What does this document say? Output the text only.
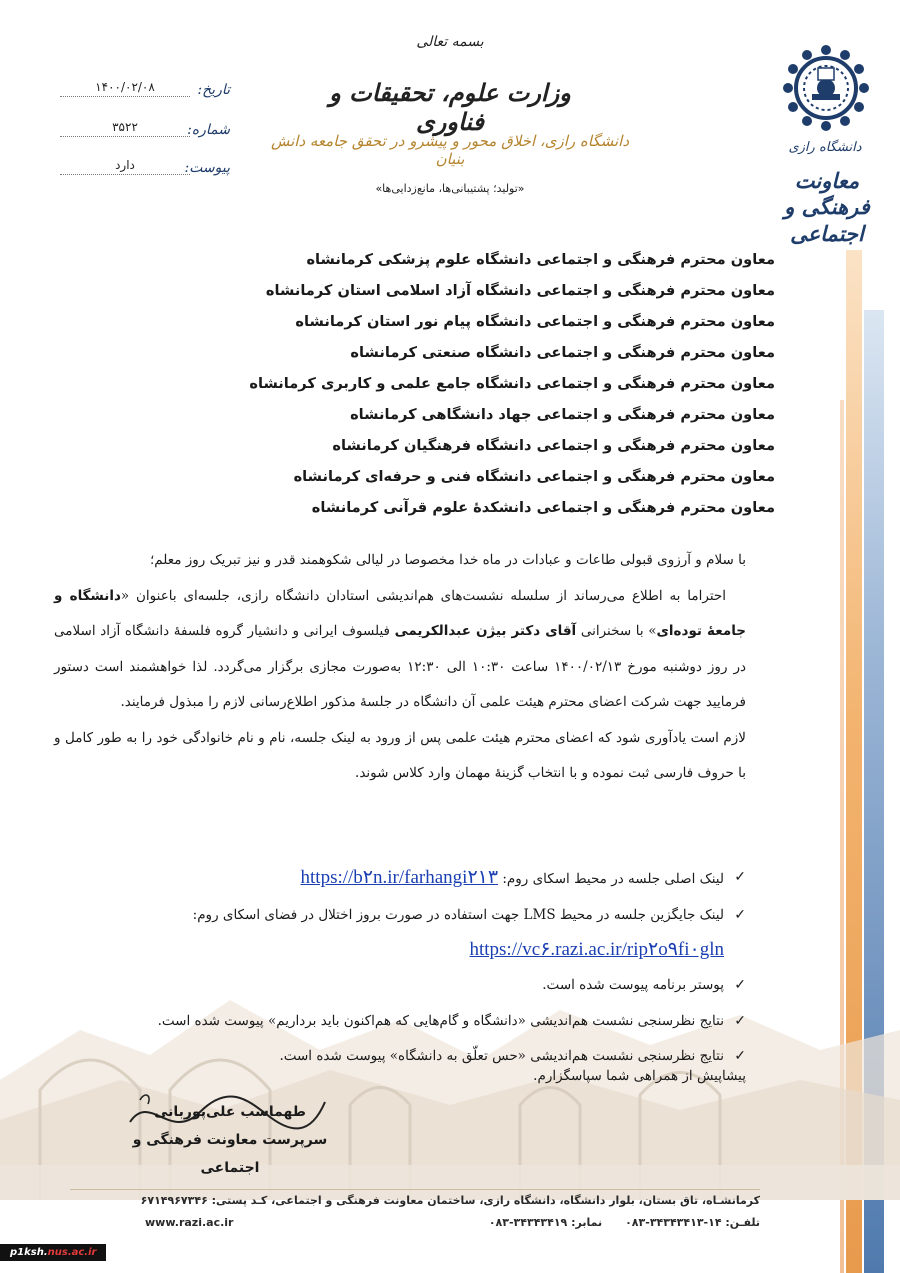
دانشگاه رازی
معاونت
فرهنگی و اجتماعی
بسمه تعالی
وزارت علوم، تحقیقات و فناوری
دانشگاه رازی، اخلاق محور و پیشرو در تحقق جامعه دانش بنیان
«تولید؛ پشتیبانی‌ها، مانع‌زدایی‌ها»
تاریخ:
۱۴۰۰/۰۲/۰۸
شماره:
۳۵۲۲
پیوست:
دارد
معاون محترم فرهنگی و اجتماعی دانشگاه علوم پزشکی کرمانشاه
معاون محترم فرهنگی و اجتماعی دانشگاه آزاد اسلامی استان کرمانشاه
معاون محترم فرهنگی و اجتماعی دانشگاه پیام نور استان کرمانشاه
معاون محترم فرهنگی و اجتماعی دانشگاه صنعتی کرمانشاه
معاون محترم فرهنگی و اجتماعی دانشگاه جامع علمی و کاربری کرمانشاه
معاون محترم فرهنگی و اجتماعی جهاد دانشگاهی کرمانشاه
معاون محترم فرهنگی و اجتماعی دانشگاه فرهنگیان کرمانشاه
معاون محترم فرهنگی و اجتماعی دانشگاه فنی و حرفه‌ای کرمانشاه
معاون محترم فرهنگی و اجتماعی دانشکدهٔ علوم قرآنی کرمانشاه

با سلام و آرزوی قبولی طاعات و عبادات در ماه خدا مخصوصا در لیالی شکوهمند قدر و نیز تبریک روز معلم؛

احتراما به اطلاع می‌رساند از سلسله نشست‌های هم‌اندیشی استادان دانشگاه رازی، جلسه‌ای باعنوان «دانشگاه و جامعهٔ توده‌ای» با سخنرانی آقای دکتر بیژن عبدالکریمی فیلسوف ایرانی و دانشیار گروه فلسفهٔ دانشگاه آزاد اسلامی در روز دوشنبه مورخ ۱۴۰۰/۰۲/۱۳ ساعت ۱۰:۳۰ الی ۱۲:۳۰ به‌صورت مجازی برگزار می‌گردد. لذا خواهشمند است دستور فرمایید جهت شرکت اعضای محترم هیئت علمی آن دانشگاه در جلسهٔ مذکور اطلاع‌رسانی لازم را مبذول فرمایند.

لازم است یادآوری شود که اعضای محترم هیئت علمی پس از ورود به لینک جلسه، نام و نام خانوادگی خود را به طور کامل و با حروف فارسی ثبت نموده و با انتخاب گزینهٔ مهمان وارد کلاس شوند.

✓
لینک اصلی جلسه در محیط اسکای روم: https://b۲n.ir/farhangi۲۱۳
✓
لینک جایگزین جلسه در محیط LMS جهت استفاده در صورت بروز اختلال در فضای اسکای روم:
https://vc۶.razi.ac.ir/rip۲o۹fi۰gln
✓
پوستر برنامه پیوست شده است.
✓
نتایج نظرسنجی نشست هم‌اندیشی «دانشگاه و گام‌هایی که هم‌اکنون باید برداریم» پیوست شده است.
✓
نتایج نظرسنجی نشست هم‌اندیشی «حس تعلّق به دانشگاه» پیوست شده است.
پیشاپیش از همراهی شما سپاسگزارم.
طهماسب علی‌پوربانی
سرپرست معاونت فرهنگی و اجتماعی
کرمانشـاه، تاق بستان، بلوار دانشگاه، دانشگاه رازی، ساختمان معاونت فرهنگی و اجتماعی، کـد پستی: ۶۷۱۴۹۶۷۳۴۶
www.razi.ac.ir	تلفـن: ۱۴-۳۴۳۴۳۴۱۳-۰۸۳      نمابر: ۳۴۳۴۳۴۱۹-۰۸۳
p1ksh.nus.ac.ir
